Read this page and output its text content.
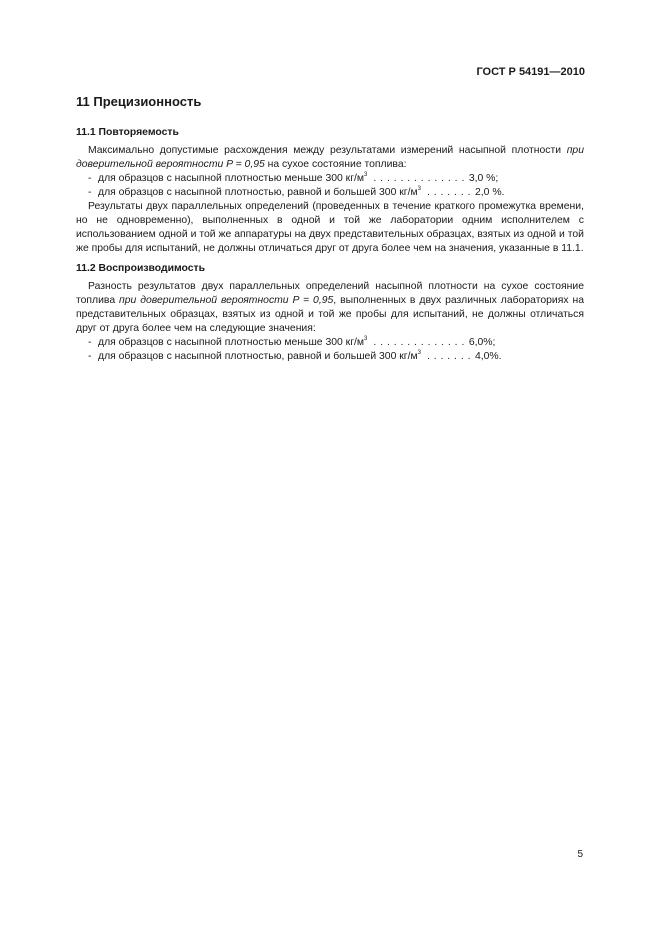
ГОСТ Р 54191—2010
11 Прецизионность
11.1 Повторяемость

Максимально допустимые расхождения между результатами измерений насыпной плотности при доверительной вероятности P = 0,95 на сухое состояние топлива:

- для образцов с насыпной плотностью меньше 300 $кг/м^3$ . . . . . . . . . . . . . . 3,0 %;
- для образцов с насыпной плотностью, равной и большей 300 $кг/м^3$ . . . . . . . 2,0 %.

Результаты двух параллельных определений (проведенных в течение краткого промежутка времени, но не одновременно), выполненных в одной и той же лаборатории одним исполнителем с использованием одной и той же аппаратуры на двух представительных образцах, взятых из одной и той же пробы для испытаний, не должны отличаться друг от друга более чем на значения, указанные в 11.1.

11.2 Воспроизводимость

Разность результатов двух параллельных определений насыпной плотности на сухое состояние топлива при доверительной вероятности P = 0,95, выполненных в двух различных лабораториях на представительных образцах, взятых из одной и той же пробы для испытаний, не должны отличаться друг от друга более чем на следующие значения:

- для образцов с насыпной плотностью меньше 300 $кг/м^3$ . . . . . . . . . . . . . . 6,0%;
- для образцов с насыпной плотностью, равной и большей 300 $кг/м^3$ . . . . . . . 4,0%.
5
